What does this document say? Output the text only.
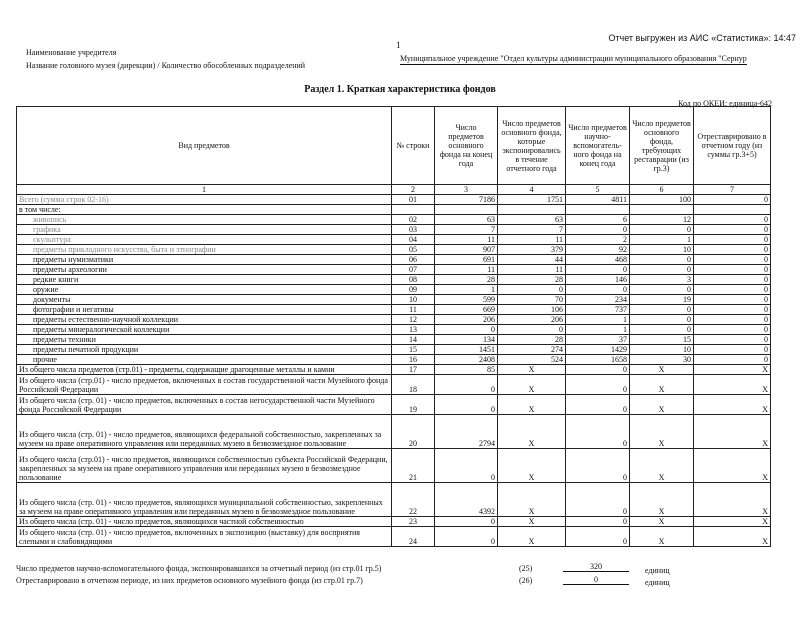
Отчет выгружен из АИС «Статистика»: 14:47
1
Наименование учредителя
Название головного музея (дирекции) / Количество обособленных подразделений
Муниципальное учреждение "Отдел культуры администрации муниципального образования "Сернур
Раздел 1. Краткая характеристика фондов
Код по ОКЕИ: единица-642
Вид предметов	№ строки	Число предметов основного фонда на конец года	Число предметов основного фонда, которые экспонировались в течение отчетного года	Число предметов научно-вспомогатель-ного фонда на конец года	Число предметов основного фонда, требующих реставрации (из гр.3)	Отреставрировано в отчетном году (из суммы гр.3+5)
1	2	3	4	5	6	7
Всего (сумма строк 02-16)	01	7186	1751	4811	100	0
в том числе:						
живопись	02	63	63	6	12	0
графика	03	7	7	0	0	0
скульптура	04	11	11	2	1	0
предметы прикладного искусства, быта и этнографии	05	907	379	92	10	0
предметы нумизматики	06	691	44	468	0	0
предметы археологии	07	11	11	0	0	0
редкие книги	08	28	28	146	3	0
оружие	09	1	0	0	0	0
документы	10	599	70	234	19	0
фотографии и негативы	11	669	106	737	0	0
предметы естественно-научной коллекции	12	206	206	1	0	0
предметы минералогической коллекции	13	0	0	1	0	0
предметы техники	14	134	28	37	15	0
предметы печатной продукции	15	1451	274	1429	10	0
прочие	16	2408	524	1658	30	0
Из общего числа предметов (стр.01) - предметы, содержащие драгоценные металлы и камни	17	85	X	0	X	X
Из общего числа (стр.01) - число предметов, включенных в состав государственной части Музейного фонда Российской Федерации	18	0	X	0	X	X
Из общего числа (стр. 01) - число предметов, включенных в состав негосударственной части Музейного фонда Российской Федерации	19	0	X	0	X	X
Из общего числа (стр. 01) - число предметов, являющихся федеральной собственностью, закрепленных за музеем на праве оперативного управления или переданных музею в безвозмездное пользование	20	2794	X	0	X	X
Из общего числа (стр.01) - число предметов, являющихся собственностью субъекта Российской Федерации, закрепленных за музеем на праве оперативного управления или переданных музею в безвозмездное пользование	21	0	X	0	X	X
Из общего числа (стр. 01) - число предметов, являющихся муниципальной собственностью, закрепленных за музеем на праве оперативного управления или переданных музею в безвозмездное пользование	22	4392	X	0	X	X
Из общего числа (стр. 01) - число предметов, являющихся частной собственностью	23	0	X	0	X	X
Из общего числа (стр. 01) - число предметов, включенных в экспозицию (выставку) для восприятия слепыми и слабовидящими	24	0	X	0	X	X
Число предметов научно-вспомогательного фонда, экспонировавшихся за отчетный период (из стр.01 гр.5)	(25)	320	единиц
Отреставрировано в отчетном периоде, из них предметов основного музейного фонда (из стр.01 гр.7)	(26)	0	единиц
